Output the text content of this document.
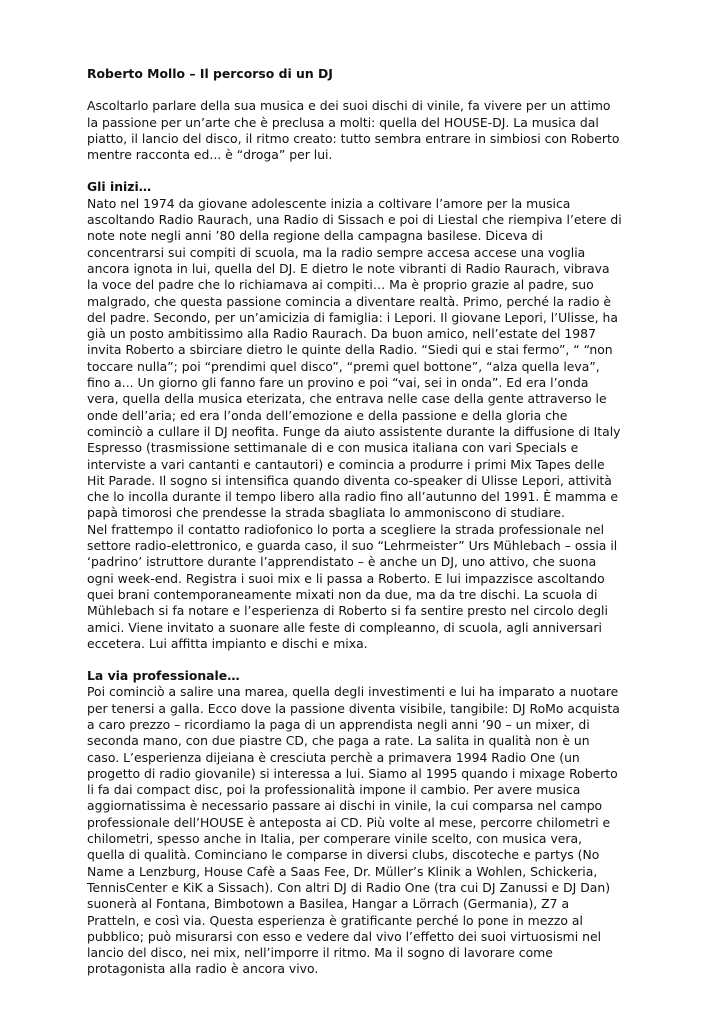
Roberto Mollo – Il percorso di un DJ

Ascoltarlo parlare della sua musica e dei suoi dischi di vinile, fa vivere per un attimo la passione per un’arte che è preclusa a molti: quella del HOUSE-DJ. La musica dal piatto, il lancio del disco, il ritmo creato: tutto sembra entrare in simbiosi con Roberto mentre racconta ed... è “droga” per lui.

Gli inizi…

Nato nel 1974 da giovane adolescente inizia a coltivare l’amore per la musica ascoltando Radio Raurach, una Radio di Sissach e poi di Liestal che riempiva l’etere di note note negli anni ’80 della regione della campagna basilese. Diceva di concentrarsi sui compiti di scuola, ma la radio sempre accesa accese una voglia ancora ignota in lui, quella del DJ. E dietro le note vibranti di Radio Raurach, vibrava la voce del padre che lo richiamava ai compiti… Ma è proprio grazie al padre, suo malgrado, che questa passione comincia a diventare realtà. Primo, perché la radio è del padre. Secondo, per un’amicizia di famiglia: i Lepori. Il giovane Lepori, l’Ulisse, ha già un posto ambitissimo alla Radio Raurach. Da buon amico, nell’estate del 1987 invita Roberto a sbirciare dietro le quinte della Radio. “Siedi qui e stai fermo”, “ “non toccare nulla”; poi “prendimi quel disco”, “premi quel bottone”, “alza quella leva”, fino a... Un giorno gli fanno fare un provino e poi “vai, sei in onda”. Ed era l’onda vera, quella della musica eterizata, che entrava nelle case della gente attraverso le onde dell’aria; ed era l’onda dell’emozione e della passione e della gloria che cominciò a cullare il DJ neofita. Funge da aiuto assistente durante la diffusione di Italy Espresso (trasmissione settimanale di e con musica italiana con vari Specials e interviste a vari cantanti e cantautori) e comincia a produrre i primi Mix Tapes delle Hit Parade. Il sogno si intensifica quando diventa co-speaker di Ulisse Lepori, attività che lo incolla durante il tempo libero alla radio fino all’autunno del 1991. È mamma e papà timorosi che prendesse la strada sbagliata lo ammoniscono di studiare.

Nel frattempo il contatto radiofonico lo porta a scegliere la strada professionale nel settore radio-elettronico, e guarda caso, il suo “Lehrmeister” Urs Mühlebach – ossia il ‘padrino’ istruttore durante l’apprendistato – è anche un DJ, uno attivo, che suona ogni week-end. Registra i suoi mix e li passa a Roberto. E lui impazzisce ascoltando quei brani contemporaneamente mixati non da due, ma da tre dischi. La scuola di Mühlebach si fa notare e l’esperienza di Roberto si fa sentire presto nel circolo degli amici. Viene invitato a suonare alle feste di compleanno, di scuola, agli anniversari eccetera. Lui affitta impianto e dischi e mixa.

La via professionale…

Poi cominciò a salire una marea, quella degli investimenti e lui ha imparato a nuotare per tenersi a galla. Ecco dove la passione diventa visibile, tangibile: DJ RoMo acquista a caro prezzo – ricordiamo la paga di un apprendista negli anni ’90 – un mixer, di seconda mano, con due piastre CD, che paga a rate. La salita in qualità non è un caso. L’esperienza dijeiana è cresciuta perchè a primavera 1994 Radio One (un progetto di radio giovanile) si interessa a lui. Siamo al 1995 quando i mixage Roberto li fa dai compact disc, poi la professionalità impone il cambio. Per avere musica aggiornatissima è necessario passare ai dischi in vinile, la cui comparsa nel campo professionale dell’HOUSE è anteposta ai CD. Più volte al mese, percorre chilometri e chilometri, spesso anche in Italia, per comperare vinile scelto, con musica vera, quella di qualità. Cominciano le comparse in diversi clubs, discoteche e partys (No Name a Lenzburg, House Cafè a Saas Fee, Dr. Müller’s Klinik a Wohlen, Schickeria, TennisCenter e KiK a Sissach). Con altri DJ di Radio One (tra cui DJ Zanussi e DJ Dan) suonerà al Fontana, Bimbotown a Basilea, Hangar a Lörrach (Germania), Z7 a Pratteln, e così via. Questa esperienza è gratificante perché lo pone in mezzo al pubblico; può misurarsi con esso e vedere dal vivo l’effetto dei suoi virtuosismi nel lancio del disco, nei mix, nell’imporre il ritmo. Ma il sogno di lavorare come protagonista alla radio è ancora vivo.
